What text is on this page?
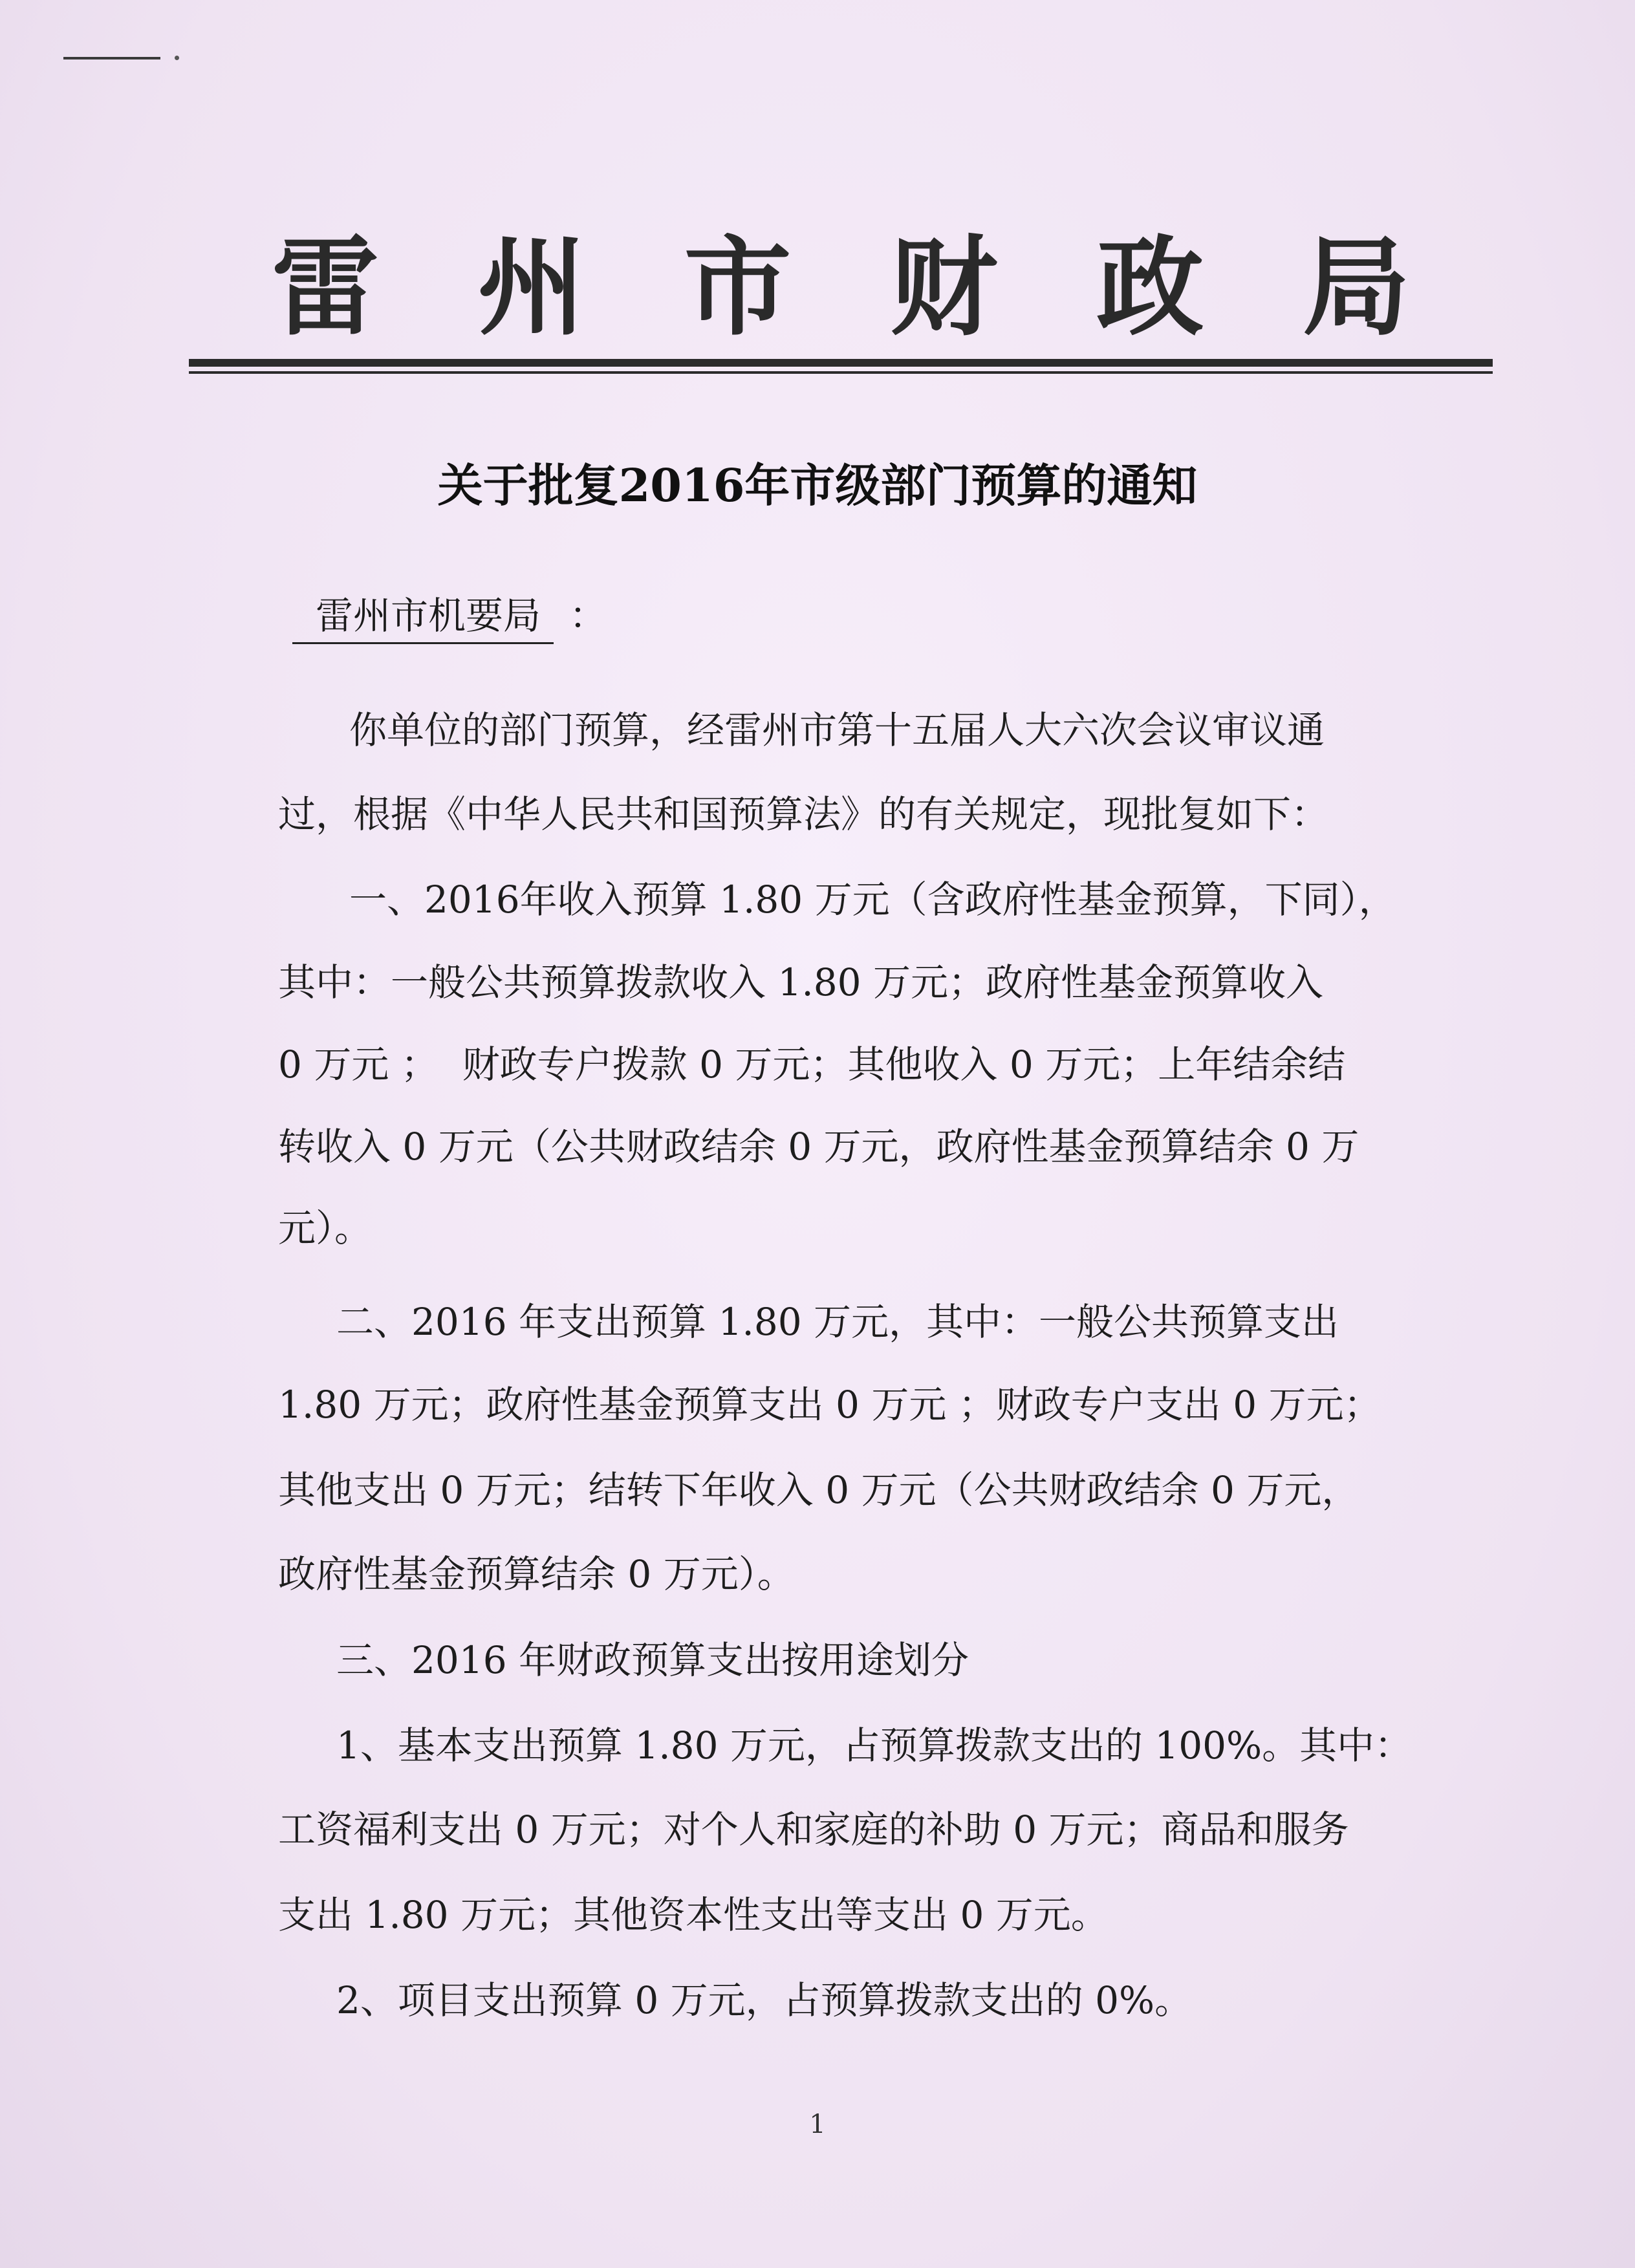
雷 州 市 财 政 局
关于批复2016年市级部门预算的通知
雷州市机要局 ：
你单位的部门预算，经雷州市第十五届人大六次会议审议通
过，根据《中华人民共和国预算法》的有关规定，现批复如下：
一、2016年收入预算 1.80 万元（含政府性基金预算，下同），
其中：一般公共预算拨款收入 1.80 万元；政府性基金预算收入
0 万元 ；  财政专户拨款 0 万元；其他收入 0 万元；上年结余结
转收入 0 万元（公共财政结余 0 万元，政府性基金预算结余 0 万
元）。
二、2016 年支出预算 1.80 万元，其中：一般公共预算支出
1.80 万元；政府性基金预算支出 0 万元 ；财政专户支出 0 万元；
其他支出 0 万元；结转下年收入 0 万元（公共财政结余 0 万元，
政府性基金预算结余 0 万元）。
三、2016 年财政预算支出按用途划分
1、基本支出预算 1.80 万元，占预算拨款支出的 100%。其中：
工资福利支出 0 万元；对个人和家庭的补助 0 万元；商品和服务
支出 1.80 万元；其他资本性支出等支出 0 万元。
2、项目支出预算 0 万元，占预算拨款支出的 0%。
1
